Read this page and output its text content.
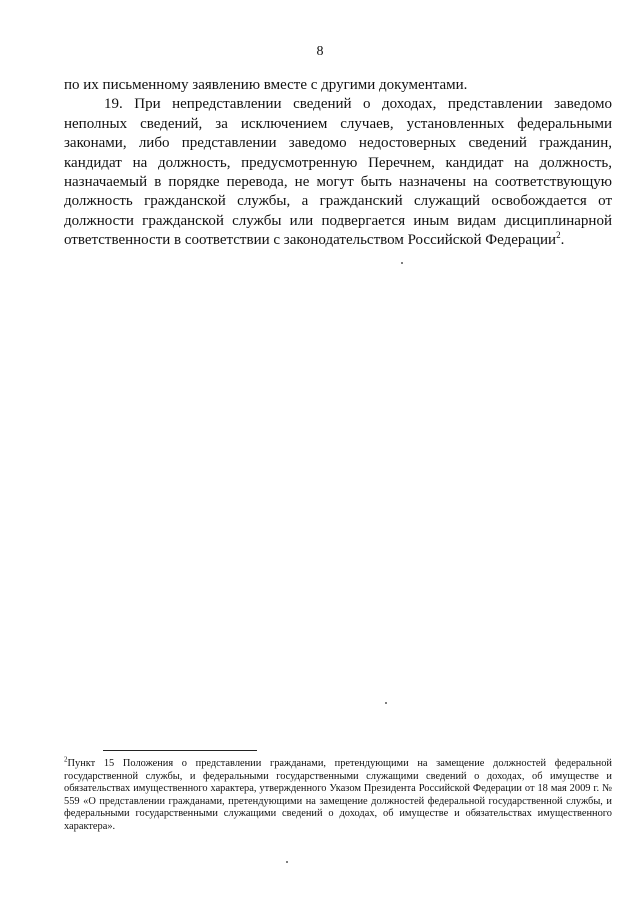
8

по их письменному заявлению вместе с другими документами.

19. При непредставлении сведений о доходах, представлении заведомо неполных сведений, за исключением случаев, установленных федеральными законами, либо представлении заведомо недостоверных сведений гражданин, кандидат на должность, предусмотренную Перечнем, кандидат на должность, назначаемый в порядке перевода, не могут быть назначены на соответствующую должность гражданской службы, а гражданский служащий освобождается от должности гражданской службы или подвергается иным видам дисциплинарной ответственности в соответствии с законодательством Российской Федерации$^2$.

$^2$Пункт 15 Положения о представлении гражданами, претендующими на замещение должностей федеральной государственной службы, и федеральными государственными служащими сведений о доходах, об имуществе и обязательствах имущественного характера, утвержденного Указом Президента Российской Федерации от 18 мая 2009 г. № 559 «О представлении гражданами, претендующими на замещение должностей федеральной государственной службы, и федеральными государственными служащими сведений о доходах, об имуществе и обязательствах имущественного характера».
